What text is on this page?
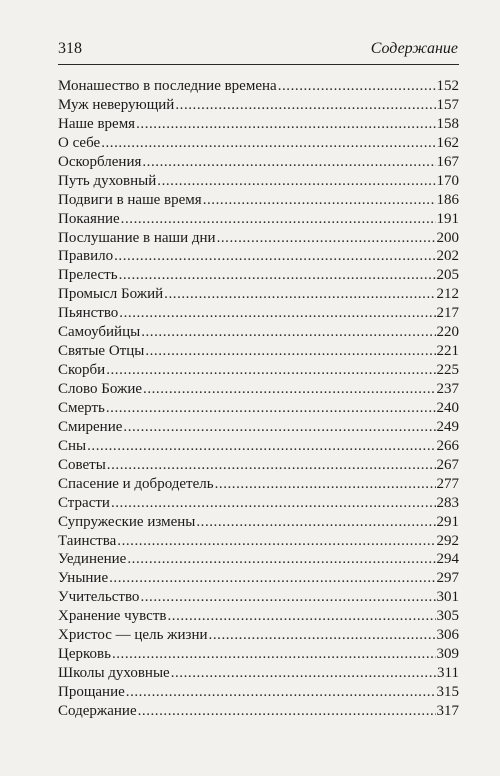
318	Содержание
Монашество в последние времена . . .	152
Муж неверующий . . .	157
Наше время . . .	158
О себе . . .	162
Оскорбления . . .	167
Путь духовный . . .	170
Подвиги в наше время . . .	186
Покаяние . . .	191
Послушание в наши дни . . .	200
Правило . . .	202
Прелесть . . .	205
Промысл Божий . . .	212
Пьянство . . .	217
Самоубийцы . . .	220
Святые Отцы . . .	221
Скорби . . .	225
Слово Божие . . .	237
Смерть . . .	240
Смирение . . .	249
Сны . . .	266
Советы . . .	267
Спасение и добродетель . . .	277
Страсти . . .	283
Супружеские измены . . .	291
Таинства . . .	292
Уединение . . .	294
Уныние . . .	297
Учительство . . .	301
Хранение чувств . . .	305
Христос — цель жизни . . .	306
Церковь . . .	309
Школы духовные . . .	311
Прощание . . .	315
Содержание . . .	317
